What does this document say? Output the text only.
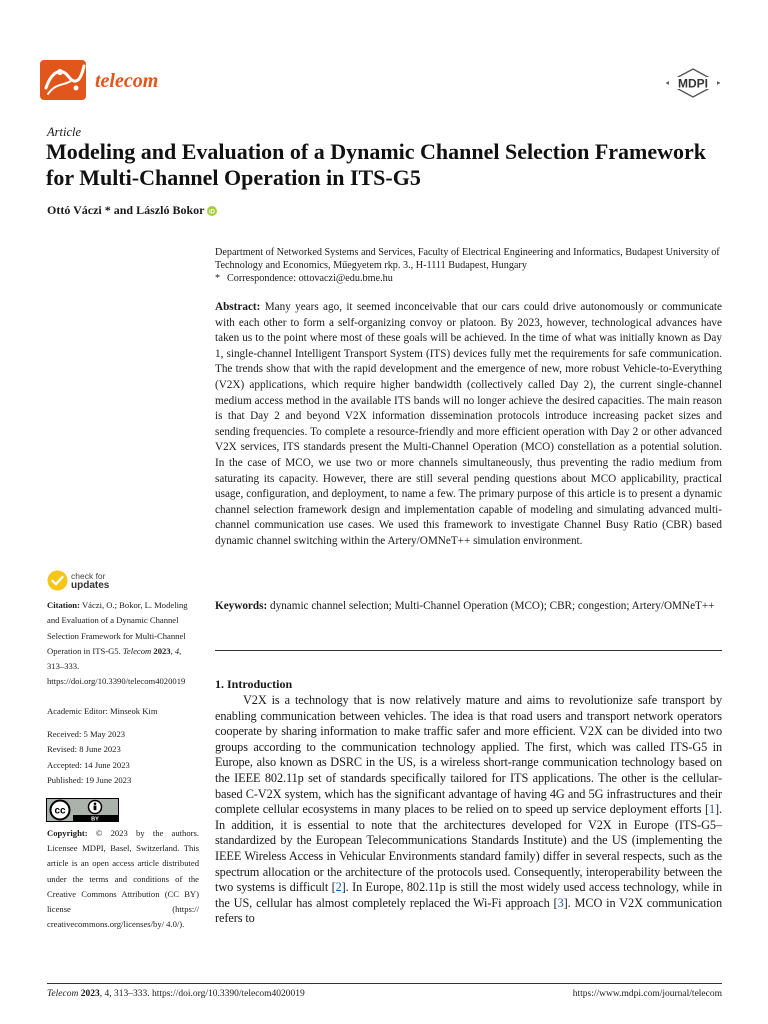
telecom	MDPI
Article
Modeling and Evaluation of a Dynamic Channel Selection Framework for Multi-Channel Operation in ITS-G5
Ottó Váczi * and László Bokor iD
Department of Networked Systems and Services, Faculty of Electrical Engineering and Informatics, Budapest University of Technology and Economics, Műegyetem rkp. 3., H-1111 Budapest, Hungary
* Correspondence: ottovaczi@edu.bme.hu
Abstract: Many years ago, it seemed inconceivable that our cars could drive autonomously or communicate with each other to form a self-organizing convoy or platoon. By 2023, however, technological advances have taken us to the point where most of these goals will be achieved. In the time of what was initially known as Day 1, single-channel Intelligent Transport System (ITS) devices fully met the requirements for safe communication. The trends show that with the rapid development and the emergence of new, more robust Vehicle-to-Everything (V2X) applications, which require higher bandwidth (collectively called Day 2), the current single-channel medium access method in the available ITS bands will no longer achieve the desired capacities. The main reason is that Day 2 and beyond V2X information dissemination protocols introduce increasing packet sizes and sending frequencies. To complete a resource-friendly and more efficient operation with Day 2 or other advanced V2X services, ITS standards present the Multi-Channel Operation (MCO) constellation as a potential solution. In the case of MCO, we use two or more channels simultaneously, thus preventing the radio medium from saturating its capacity. However, there are still several pending questions about MCO applicability, practical usage, configuration, and deployment, to name a few. The primary purpose of this article is to present a dynamic channel selection framework design and implementation capable of modeling and simulating advanced multi-channel communication use cases. We used this framework to investigate Channel Busy Ratio (CBR) based dynamic channel switching within the Artery/OMNeT++ simulation environment.
Keywords: dynamic channel selection; Multi-Channel Operation (MCO); CBR; congestion; Artery/OMNeT++
1. Introduction
V2X is a technology that is now relatively mature and aims to revolutionize safe transport by enabling communication between vehicles. The idea is that road users and transport network operators cooperate by sharing information to make traffic safer and more efficient. V2X can be divided into two groups according to the communication technology applied. The first, which was called ITS-G5 in Europe, also known as DSRC in the US, is a wireless short-range communication technology based on the IEEE 802.11p set of standards specifically tailored for ITS applications. The other is the cellular-based C-V2X system, which has the significant advantage of having 4G and 5G infrastructures and their complete cellular ecosystems in many places to be relied on to speed up service deployment efforts [1]. In addition, it is essential to note that the architectures developed for V2X in Europe (ITS-G5–standardized by the European Telecommunications Standards Institute) and the US (implementing the IEEE Wireless Access in Vehicular Environments standard family) differ in several respects, such as the spectrum allocation or the architecture of the protocols used. Consequently, interoperability between the two systems is difficult [2]. In Europe, 802.11p is still the most widely used access technology, while in the US, cellular has almost completely replaced the Wi-Fi approach [3]. MCO in V2X communication refers to
check for
updates
Citation: Váczi, O.; Bokor, L. Modeling and Evaluation of a Dynamic Channel Selection Framework for Multi-Channel Operation in ITS-G5. Telecom 2023, 4, 313–333. https://doi.org/10.3390/telecom4020019
Academic Editor: Minseok Kim
Received: 5 May 2023
Revised: 8 June 2023
Accepted: 14 June 2023
Published: 19 June 2023
cc
BY
Copyright: © 2023 by the authors. Licensee MDPI, Basel, Switzerland. This article is an open access article distributed under the terms and conditions of the Creative Commons Attribution (CC BY) license (https:// creativecommons.org/licenses/by/ 4.0/).
Telecom 2023, 4, 313–333. https://doi.org/10.3390/telecom4020019	https://www.mdpi.com/journal/telecom
